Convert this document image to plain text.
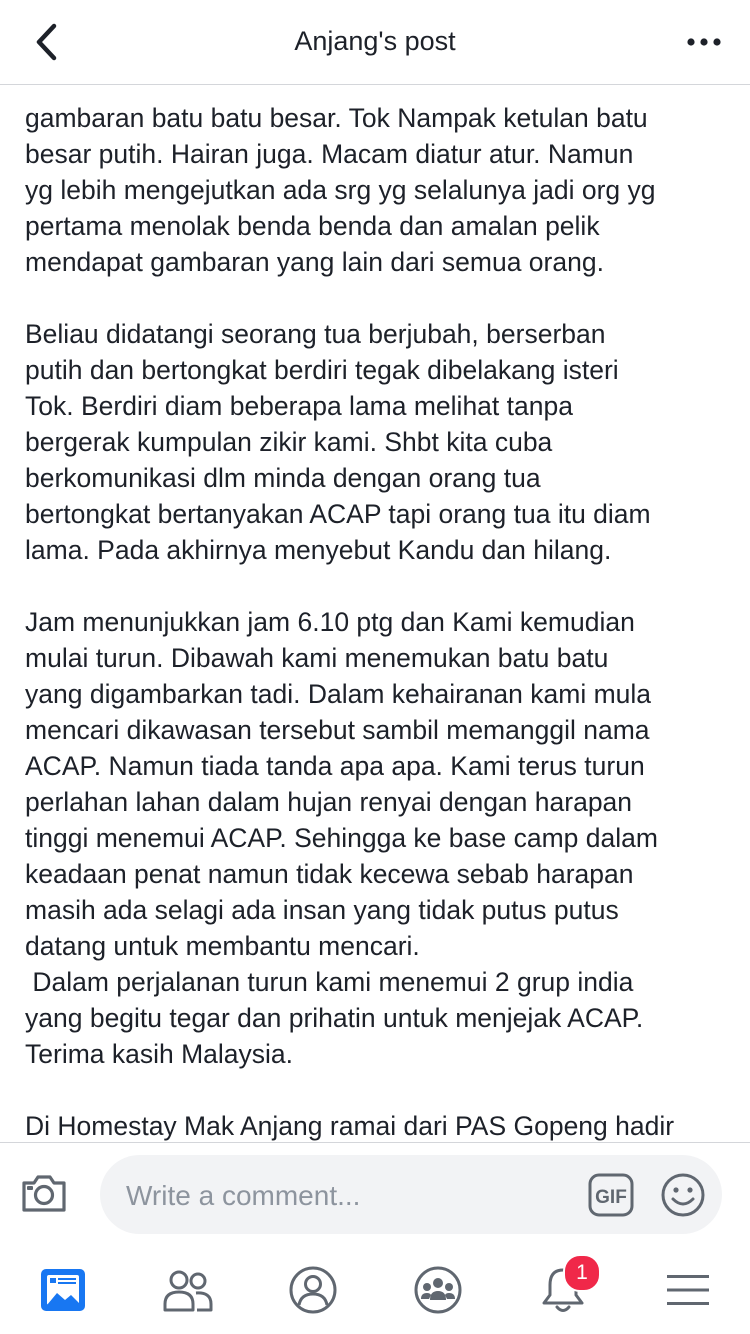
Anjang's post
gambaran batu batu besar. Tok Nampak ketulan batu
besar putih. Hairan juga. Macam diatur atur. Namun
yg lebih mengejutkan ada srg yg selalunya jadi org yg
pertama menolak benda benda dan amalan pelik
mendapat gambaran yang lain dari semua orang.
Beliau didatangi seorang tua berjubah, berserban
putih dan bertongkat berdiri tegak dibelakang isteri
Tok. Berdiri diam beberapa lama melihat tanpa
bergerak kumpulan zikir kami. Shbt kita cuba
berkomunikasi dlm minda dengan orang tua
bertongkat bertanyakan ACAP tapi orang tua itu diam
lama. Pada akhirnya menyebut Kandu dan hilang.
Jam menunjukkan jam 6.10 ptg dan Kami kemudian
mulai turun. Dibawah kami menemukan batu batu
yang digambarkan tadi. Dalam kehairanan kami mula
mencari dikawasan tersebut sambil memanggil nama
ACAP. Namun tiada tanda apa apa. Kami terus turun
perlahan lahan dalam hujan renyai dengan harapan
tinggi menemui ACAP. Sehingga ke base camp dalam
keadaan penat namun tidak kecewa sebab harapan
masih ada selagi ada insan yang tidak putus putus
datang untuk membantu mencari.
Dalam perjalanan turun kami menemui 2 grup india
yang begitu tegar dan prihatin untuk menjejak ACAP.
Terima kasih Malaysia.
Di Homestay Mak Anjang ramai dari PAS Gopeng hadir
Write a comment...
GIF
1
